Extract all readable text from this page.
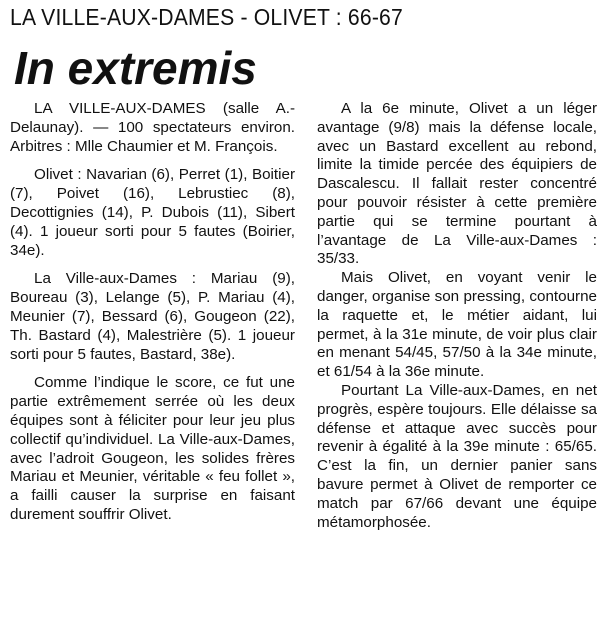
LA VILLE-AUX-DAMES - OLIVET : 66-67
In extremis

LA VILLE-AUX-DAMES (salle A.-Delaunay). — 100 spectateurs environ. Arbitres : Mlle Chaumier et M. François.

Olivet : Navarian (6), Perret (1), Boitier (7), Poivet (16), Lebrustiec (8), Decottignies (14), P. Dubois (11), Sibert (4). 1 joueur sorti pour 5 fautes (Boirier, 34e).

La Ville-aux-Dames : Mariau (9), Boureau (3), Lelange (5), P. Mariau (4), Meunier (7), Bessard (6), Gougeon (22), Th. Bastard (4), Malestrière (5). 1 joueur sorti pour 5 fautes, Bastard, 38e).

Comme l’indique le score, ce fut une partie extrêmement serrée où les deux équipes sont à féliciter pour leur jeu plus collectif qu’individuel. La Ville-aux-Dames, avec l’adroit Gougeon, les solides frères Mariau et Meunier, véritable « feu follet », a failli causer la surprise en faisant durement souffrir Olivet.

A la 6e minute, Olivet a un léger avantage (9/8) mais la défense locale, avec un Bastard excellent au rebond, limite la timide percée des équipiers de Dascalescu. Il fallait rester concentré pour pouvoir résister à cette première partie qui se termine pourtant à l’avantage de La Ville-aux-Dames : 35/33.

Mais Olivet, en voyant venir le danger, organise son pressing, contourne la raquette et, le métier aidant, lui permet, à la 31e minute, de voir plus clair en menant 54/45, 57/50 à la 34e minute, et 61/54 à la 36e minute.

Pourtant La Ville-aux-Dames, en net progrès, espère toujours. Elle délaisse sa défense et attaque avec succès pour revenir à égalité à la 39e minute : 65/65. C’est la fin, un dernier panier sans bavure permet à Olivet de remporter ce match par 67/66 devant une équipe métamorphosée.
